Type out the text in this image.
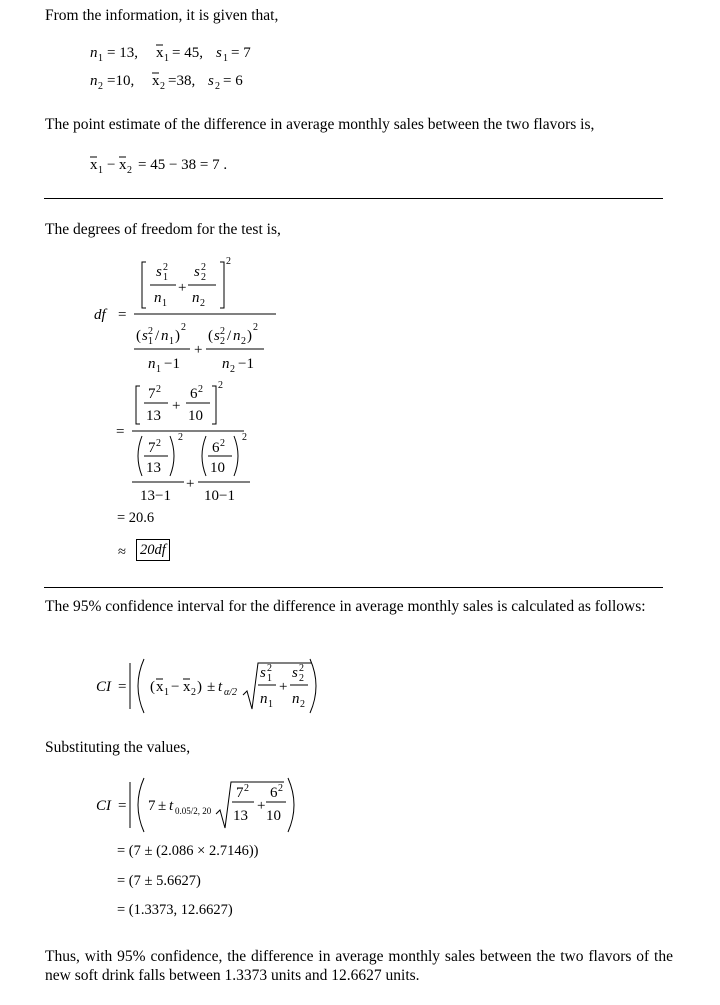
From the information, it is given that,
n 1 = 13, x 1 = 45, s 1 = 7
n 2 =10, x 2 =38, s 2 = 6
The point estimate of the difference in average monthly sales between the two flavors is,
x 1 − x 2 = 45 − 38 = 7 .
The degrees of freedom for the test is,
df =
2
s 2
1
n 1
+
s 2
2
n 2
( s 2
1 / n 1 )
2
n 1 −1
+
( s 2
2 / n 2 )
2
n 2 −1
=
2
7 2
13
+
6 2
10
2
7 2
13
+
2
6 2
10
13−1 10−1
= 20.6
≈ 20df
The 95% confidence interval for the difference in average monthly sales is calculated as follows:
CI = ( x 1 − x 2 ) ± t α/2
s 2
1
n 1
+
s 2
2
n 2
Substituting the values,
CI = 7 ± t 0.05/2, 20
7 2
13
+
6 2
10
= (7 ± (2.086 × 2.7146))
= (7 ± 5.6627)
= (1.3373, 12.6627)
Thus, with 95% confidence, the difference in average monthly sales between the two flavors of the new soft drink falls between 1.3373 units and 12.6627 units.
